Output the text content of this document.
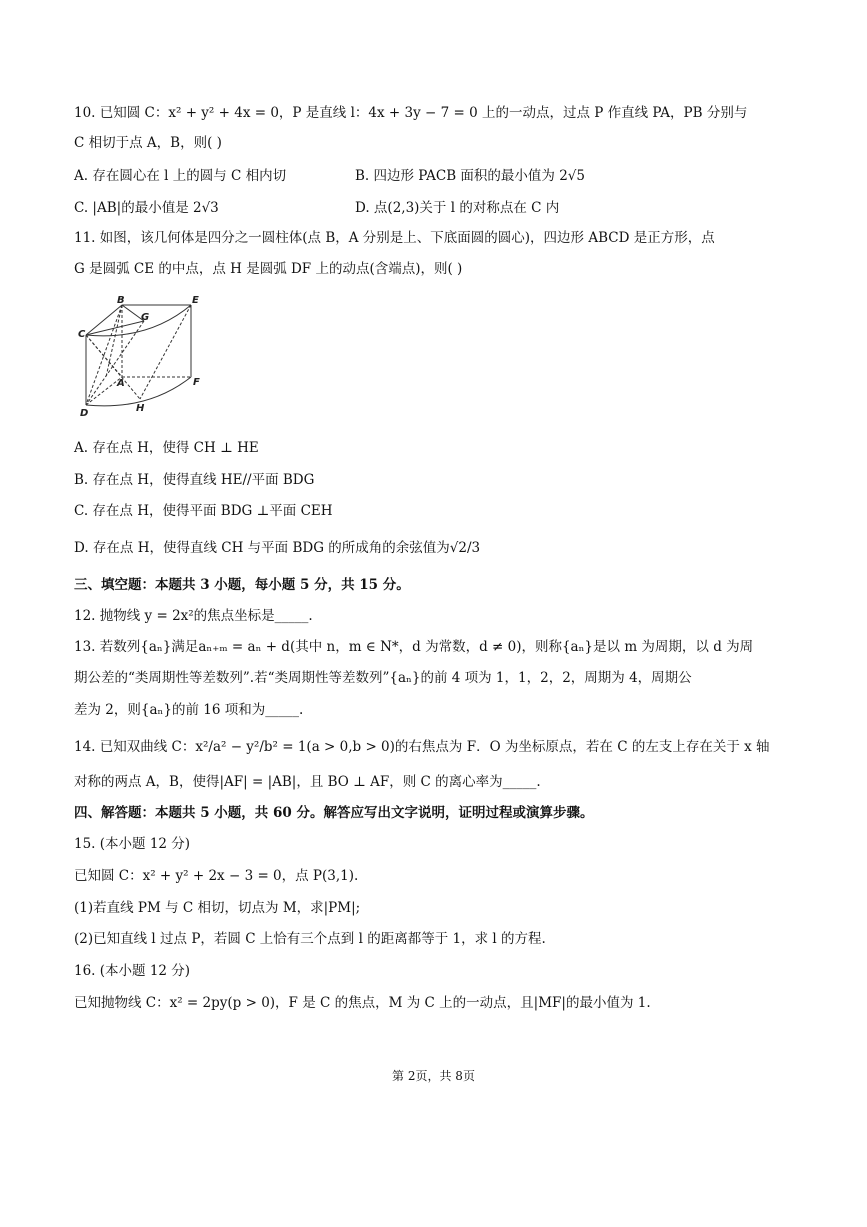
10. 已知圆 C：x² + y² + 4x = 0，P 是直线 l：4x + 3y − 7 = 0 上的一动点，过点 P 作直线 PA，PB 分别与
C 相切于点 A，B，则( )
A. 存在圆心在 l 上的圆与 C 相内切	B. 四边形 PACB 面积的最小值为 2√5
C. |AB|的最小值是 2√3	D. 点(2,3)关于 l 的对称点在 C 内
11. 如图，该几何体是四分之一圆柱体(点 B，A 分别是上、下底面圆的圆心)，四边形 ABCD 是正方形，点
G 是圆弧 CE 的中点，点 H 是圆弧 DF 上的动点(含端点)，则( )
B	E
G
C
A	F
D	H
A. 存在点 H，使得 CH ⊥ HE
B. 存在点 H，使得直线 HE//平面 BDG
C. 存在点 H，使得平面 BDG ⊥平面 CEH
D. 存在点 H，使得直线 CH 与平面 BDG 的所成角的余弦值为√2/3
三、填空题：本题共 3 小题，每小题 5 分，共 15 分。
12. 抛物线 y = 2x²的焦点坐标是_____.
13. 若数列{aₙ}满足aₙ₊ₘ = aₙ + d(其中 n，m ∈ N*，d 为常数，d ≠ 0)，则称{aₙ}是以 m 为周期，以 d 为周
期公差的“类周期性等差数列”.若“类周期性等差数列”{aₙ}的前 4 项为 1，1，2，2，周期为 4，周期公
差为 2，则{aₙ}的前 16 项和为_____.
14. 已知双曲线 C：x²/a² − y²/b² = 1(a > 0,b > 0)的右焦点为 F．O 为坐标原点，若在 C 的左支上存在关于 x 轴
对称的两点 A，B，使得|AF| = |AB|，且 BO ⊥ AF，则 C 的离心率为_____.
四、解答题：本题共 5 小题，共 60 分。解答应写出文字说明，证明过程或演算步骤。
15. (本小题 12 分)
已知圆 C：x² + y² + 2x − 3 = 0，点 P(3,1).
(1)若直线 PM 与 C 相切，切点为 M，求|PM|;
(2)已知直线 l 过点 P，若圆 C 上恰有三个点到 l 的距离都等于 1，求 l 的方程.
16. (本小题 12 分)
已知抛物线 C：x² = 2py(p > 0)，F 是 C 的焦点，M 为 C 上的一动点，且|MF|的最小值为 1.
第 2页，共 8页
